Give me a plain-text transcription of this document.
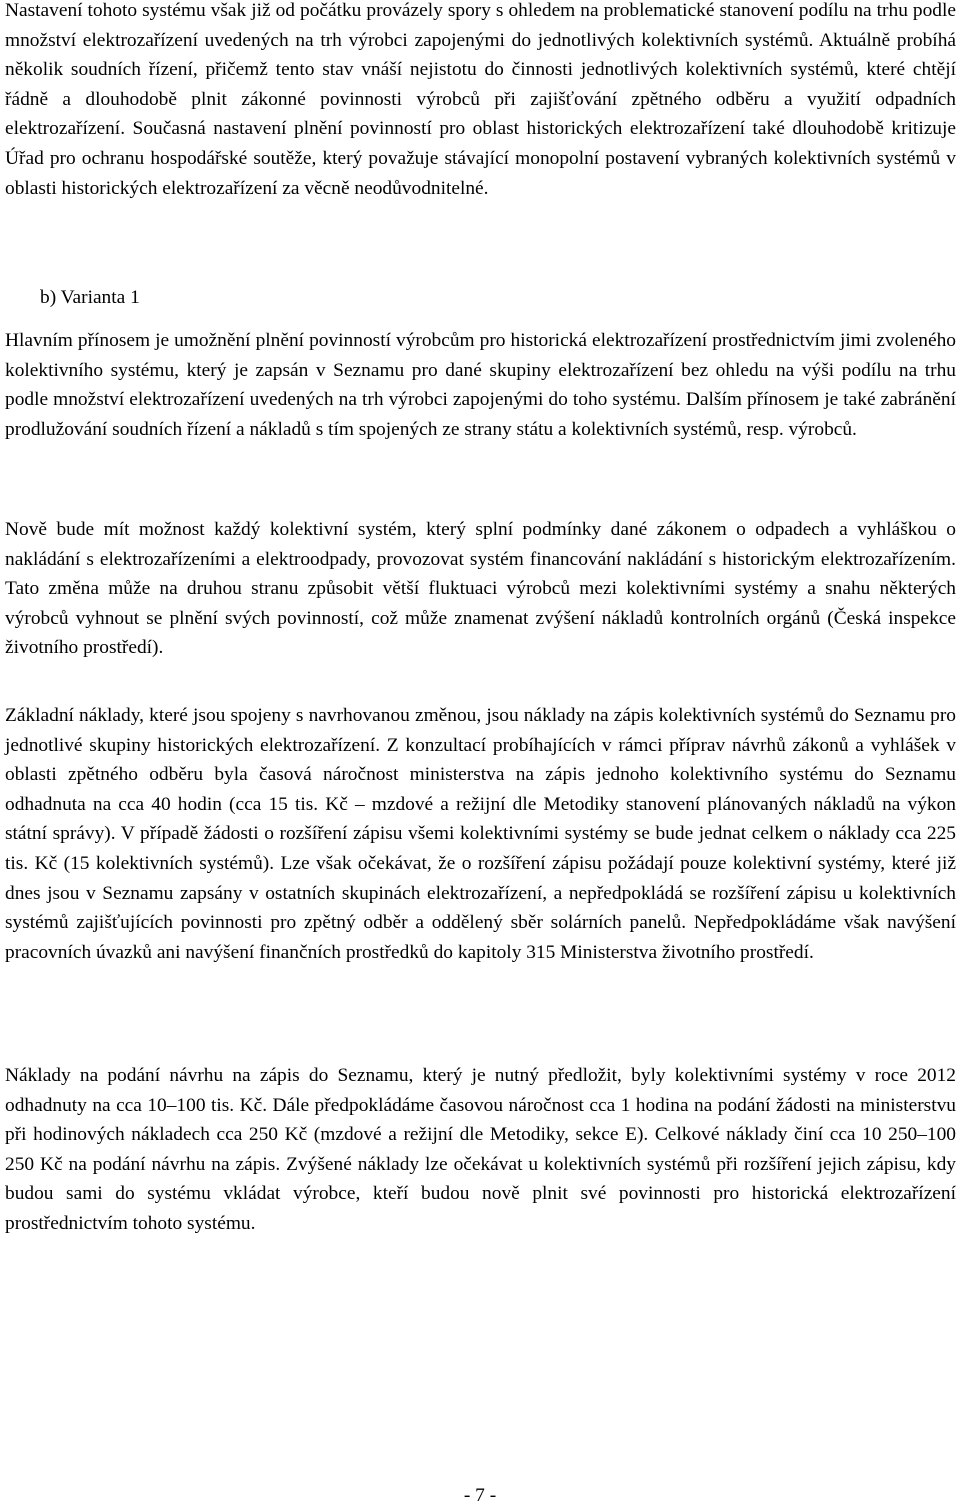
Nastavení tohoto systému však již od počátku provázely spory s ohledem na problematické stanovení podílu na trhu podle množství elektrozařízení uvedených na trh výrobci zapojenými do jednotlivých kolektivních systémů. Aktuálně probíhá několik soudních řízení, přičemž tento stav vnáší nejistotu do činnosti jednotlivých kolektivních systémů, které chtějí řádně a dlouhodobě plnit zákonné povinnosti výrobců při zajišťování zpětného odběru a využití odpadních elektrozařízení. Současná nastavení plnění povinností pro oblast historických elektrozařízení také dlouhodobě kritizuje Úřad pro ochranu hospodářské soutěže, který považuje stávající monopolní postavení vybraných kolektivních systémů v oblasti historických elektrozařízení za věcně neodůvodnitelné.

b) Varianta 1

Hlavním přínosem je umožnění plnění povinností výrobcům pro historická elektrozařízení prostřednictvím jimi zvoleného kolektivního systému, který je zapsán v Seznamu pro dané skupiny elektrozařízení bez ohledu na výši podílu na trhu podle množství elektrozařízení uvedených na trh výrobci zapojenými do toho systému. Dalším přínosem je také zabránění prodlužování soudních řízení a nákladů s tím spojených ze strany státu a kolektivních systémů, resp. výrobců.

Nově bude mít možnost každý kolektivní systém, který splní podmínky dané zákonem o odpadech a vyhláškou o nakládání s elektrozařízeními a elektroodpady, provozovat systém financování nakládání s historickým elektrozařízením. Tato změna může na druhou stranu způsobit větší fluktuaci výrobců mezi kolektivními systémy a snahu některých výrobců vyhnout se plnění svých povinností, což může znamenat zvýšení nákladů kontrolních orgánů (Česká inspekce životního prostředí).

Základní náklady, které jsou spojeny s navrhovanou změnou, jsou náklady na zápis kolektivních systémů do Seznamu pro jednotlivé skupiny historických elektrozařízení. Z konzultací probíhajících v rámci příprav návrhů zákonů a vyhlášek v oblasti zpětného odběru byla časová náročnost ministerstva na zápis jednoho kolektivního systému do Seznamu odhadnuta na cca 40 hodin (cca 15 tis. Kč – mzdové a režijní dle Metodiky stanovení plánovaných nákladů na výkon státní správy). V případě žádosti o rozšíření zápisu všemi kolektivními systémy se bude jednat celkem o náklady cca 225 tis. Kč (15 kolektivních systémů). Lze však očekávat, že o rozšíření zápisu požádají pouze kolektivní systémy, které již dnes jsou v Seznamu zapsány v ostatních skupinách elektrozařízení, a nepředpokládá se rozšíření zápisu u kolektivních systémů zajišťujících povinnosti pro zpětný odběr a oddělený sběr solárních panelů. Nepředpokládáme však navýšení pracovních úvazků ani navýšení finančních prostředků do kapitoly 315 Ministerstva životního prostředí.

Náklady na podání návrhu na zápis do Seznamu, který je nutný předložit, byly kolektivními systémy v roce 2012 odhadnuty na cca 10–100 tis. Kč. Dále předpokládáme časovou náročnost cca 1 hodina na podání žádosti na ministerstvu při hodinových nákladech cca 250 Kč (mzdové a režijní dle Metodiky, sekce E). Celkové náklady činí cca 10 250–100 250 Kč na podání návrhu na zápis. Zvýšené náklady lze očekávat u kolektivních systémů při rozšíření jejich zápisu, kdy budou sami do systému vkládat výrobce, kteří budou nově plnit své povinnosti pro historická elektrozařízení prostřednictvím tohoto systému.

- 7 -
